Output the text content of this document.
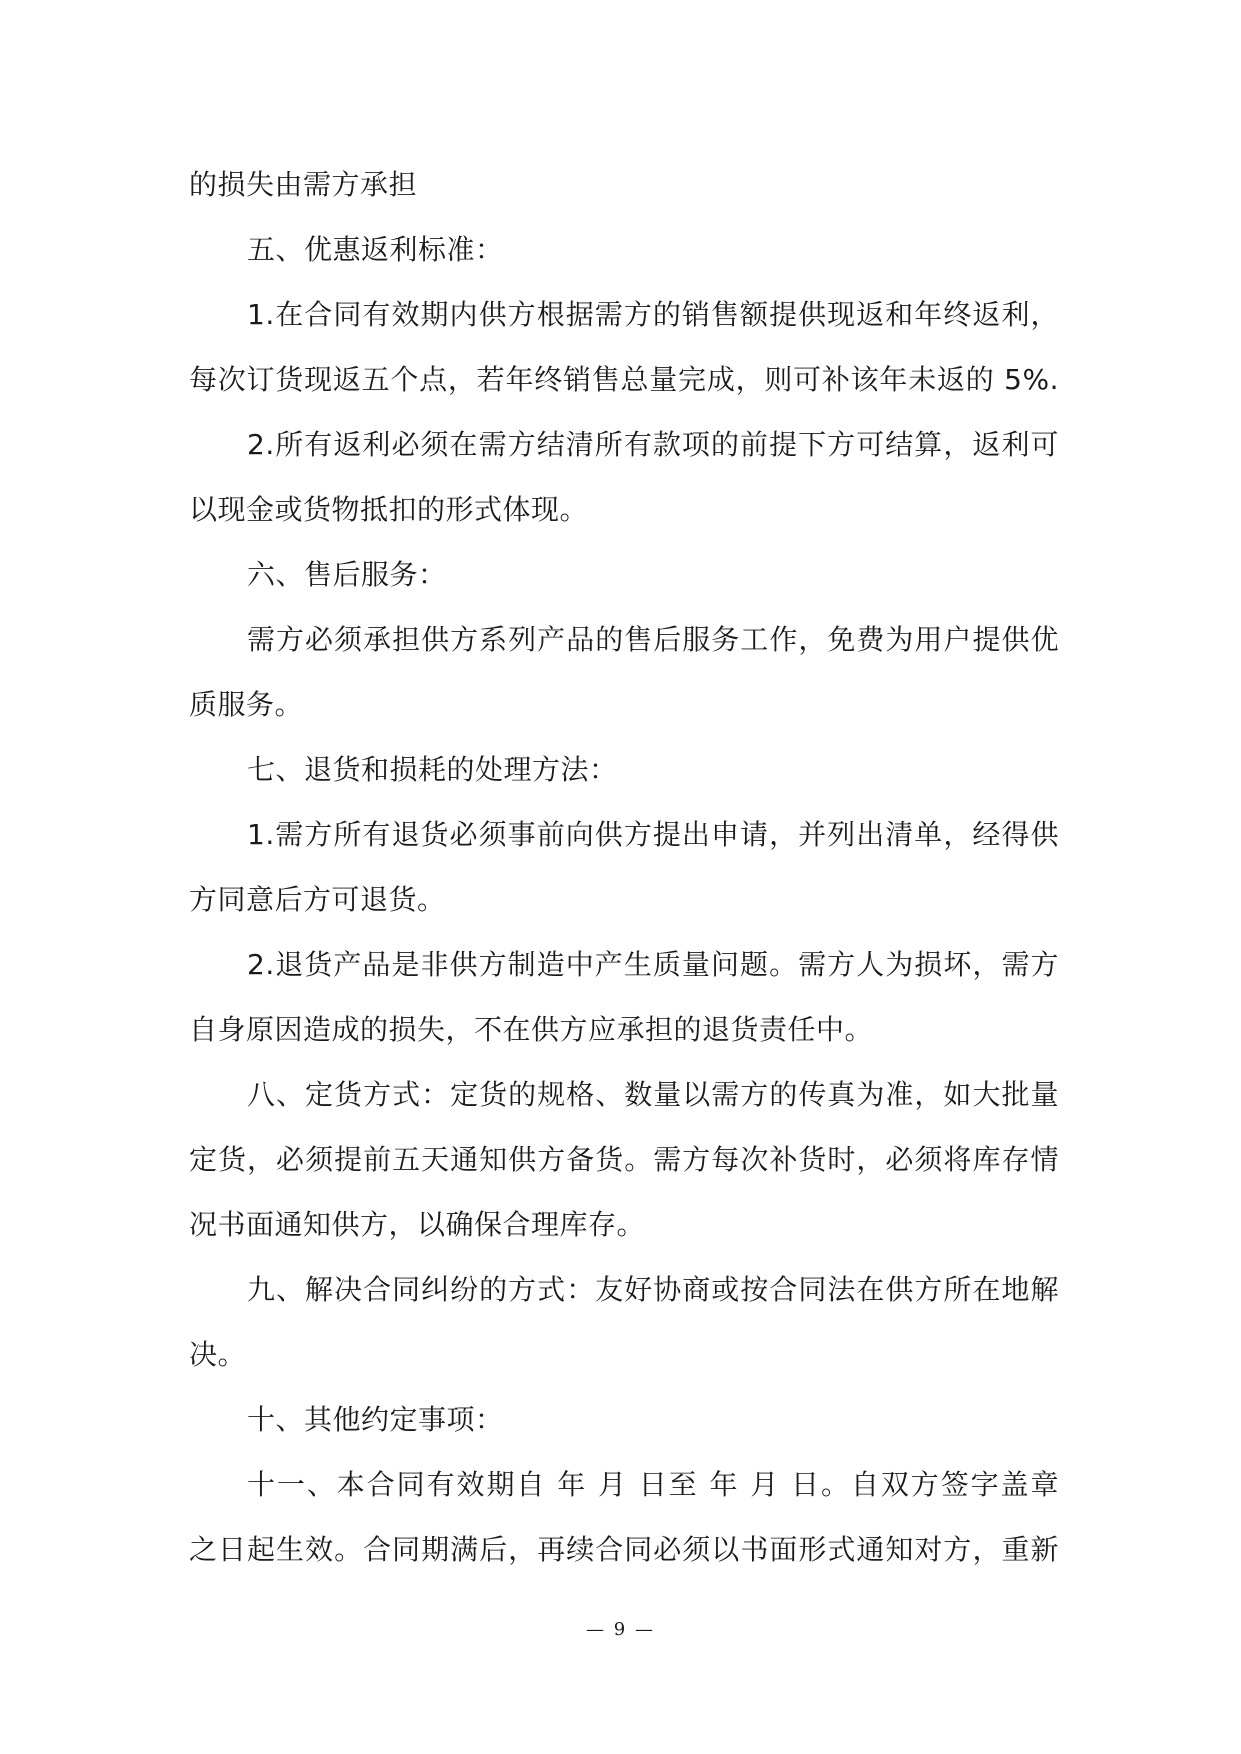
的损失由需方承担
五、优惠返利标准：
1.在合同有效期内供方根据需方的销售额提供现返和年终返利，
每次订货现返五个点，若年终销售总量完成，则可补该年未返的 5%.
2.所有返利必须在需方结清所有款项的前提下方可结算，返利可
以现金或货物抵扣的形式体现。
六、售后服务：
需方必须承担供方系列产品的售后服务工作，免费为用户提供优
质服务。
七、退货和损耗的处理方法：
1.需方所有退货必须事前向供方提出申请，并列出清单，经得供
方同意后方可退货。
2.退货产品是非供方制造中产生质量问题。需方人为损坏，需方
自身原因造成的损失，不在供方应承担的退货责任中。
八、定货方式：定货的规格、数量以需方的传真为准，如大批量
定货，必须提前五天通知供方备货。需方每次补货时，必须将库存情
况书面通知供方，以确保合理库存。
九、解决合同纠纷的方式：友好协商或按合同法在供方所在地解
决。
十、其他约定事项：
十一、本合同有效期自 年 月 日至 年 月 日。自双方签字盖章
之日起生效。合同期满后，再续合同必须以书面形式通知对方，重新
— 9 —
